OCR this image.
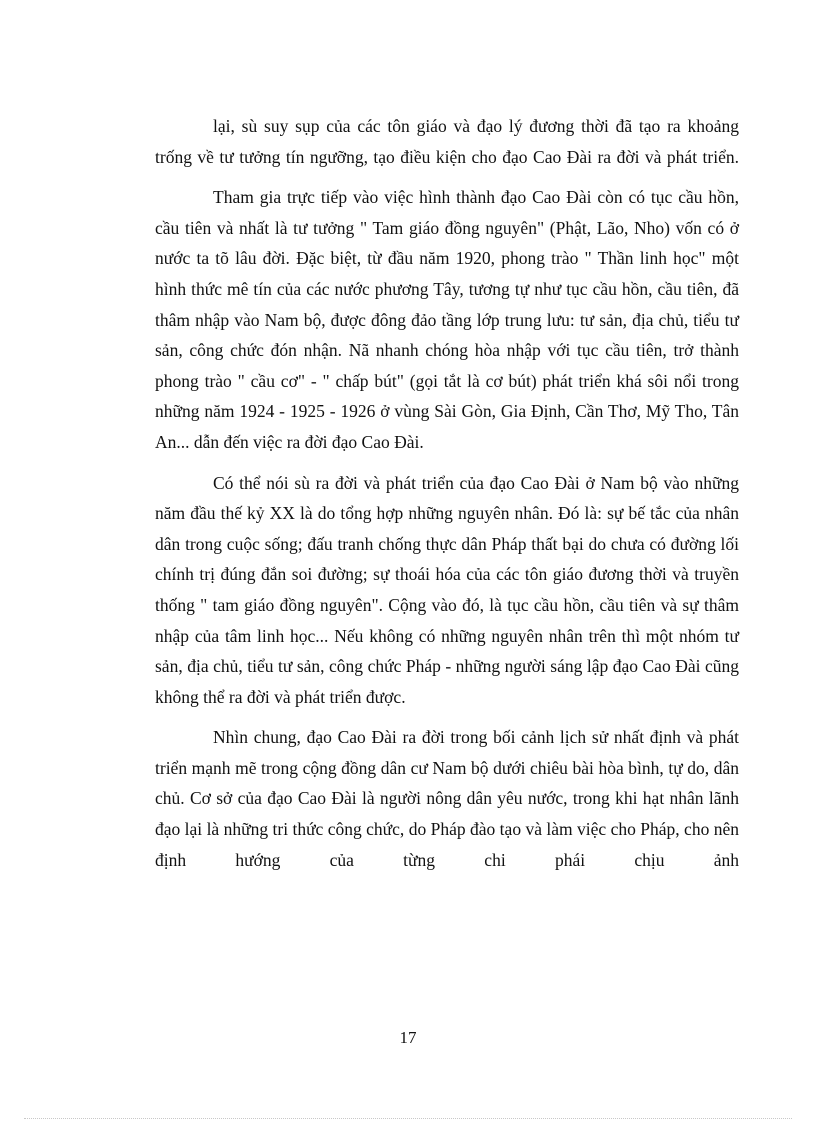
lại, sù suy sụp của các tôn giáo và đạo lý đương thời đã tạo ra khoảng trống về tư tưởng tín ngưỡng, tạo điều kiện cho đạo Cao Đài ra đời và phát triển.

Tham gia trực tiếp vào việc hình thành đạo Cao Đài còn có tục cầu hồn, cầu tiên và nhất là tư tưởng " Tam giáo đồng nguyên" (Phật, Lão, Nho) vốn có ở nước ta tõ lâu đời. Đặc biệt, từ đầu năm 1920, phong trào " Thần linh học" một hình thức mê tín của các nước phương Tây, tương tự như tục cầu hồn, cầu tiên, đã thâm nhập vào Nam bộ, được đông đảo tầng lớp trung lưu: tư sản, địa chủ, tiểu tư sản, công chức đón nhận. Nã nhanh chóng hòa nhập với tục cầu tiên, trở thành phong trào " cầu cơ" - " chấp bút" (gọi tắt là cơ bút) phát triển khá sôi nổi trong những năm 1924 - 1925 - 1926 ở vùng Sài Gòn, Gia Định, Cần Thơ, Mỹ Tho, Tân An... dẫn đến việc ra đời đạo Cao Đài.

Có thể nói sù ra đời và phát triển của đạo Cao Đài ở Nam bộ vào những năm đầu thế kỷ XX là do tổng hợp những nguyên nhân. Đó là: sự bế tắc của nhân dân trong cuộc sống; đấu tranh chống thực dân Pháp thất bại do chưa có đường lối chính trị đúng đắn soi đường; sự thoái hóa của các tôn giáo đương thời và truyền thống " tam giáo đồng nguyên". Cộng vào đó, là tục cầu hồn, cầu tiên và sự thâm nhập của tâm linh học... Nếu không có những nguyên nhân trên thì một nhóm tư sản, địa chủ, tiểu tư sản, công chức Pháp - những người sáng lập đạo Cao Đài cũng không thể ra đời và phát triển được.

Nhìn chung, đạo Cao Đài ra đời trong bối cảnh lịch sử nhất định và phát triển mạnh mẽ trong cộng đồng dân cư Nam bộ dưới chiêu bài hòa bình, tự do, dân chủ. Cơ sở của đạo Cao Đài là người nông dân yêu nước, trong khi hạt nhân lãnh đạo lại là những tri thức công chức, do Pháp đào tạo và làm việc cho Pháp, cho nên định hướng của từng chi phái chịu ảnh

17
